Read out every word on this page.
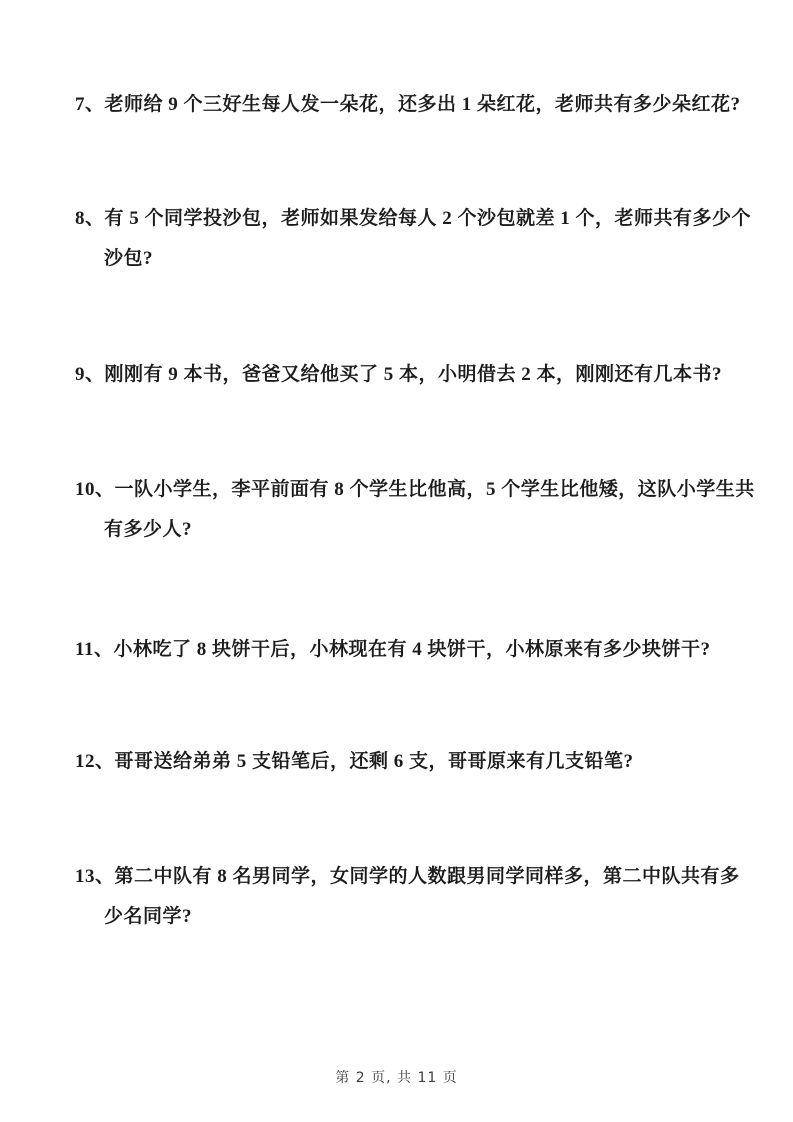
7、老师给 9 个三好生每人发一朵花，还多出 1 朵红花，老师共有多少朵红花?
8、有 5 个同学投沙包，老师如果发给每人 2 个沙包就差 1 个，老师共有多少个
沙包?
9、刚刚有 9 本书，爸爸又给他买了 5 本，小明借去 2 本，刚刚还有几本书?
10、一队小学生，李平前面有 8 个学生比他高，5 个学生比他矮，这队小学生共
有多少人?
11、小林吃了 8 块饼干后，小林现在有 4 块饼干，小林原来有多少块饼干?
12、哥哥送给弟弟 5 支铅笔后，还剩 6 支，哥哥原来有几支铅笔?
13、第二中队有 8 名男同学，女同学的人数跟男同学同样多，第二中队共有多
少名同学?
第 2 页, 共 11 页
